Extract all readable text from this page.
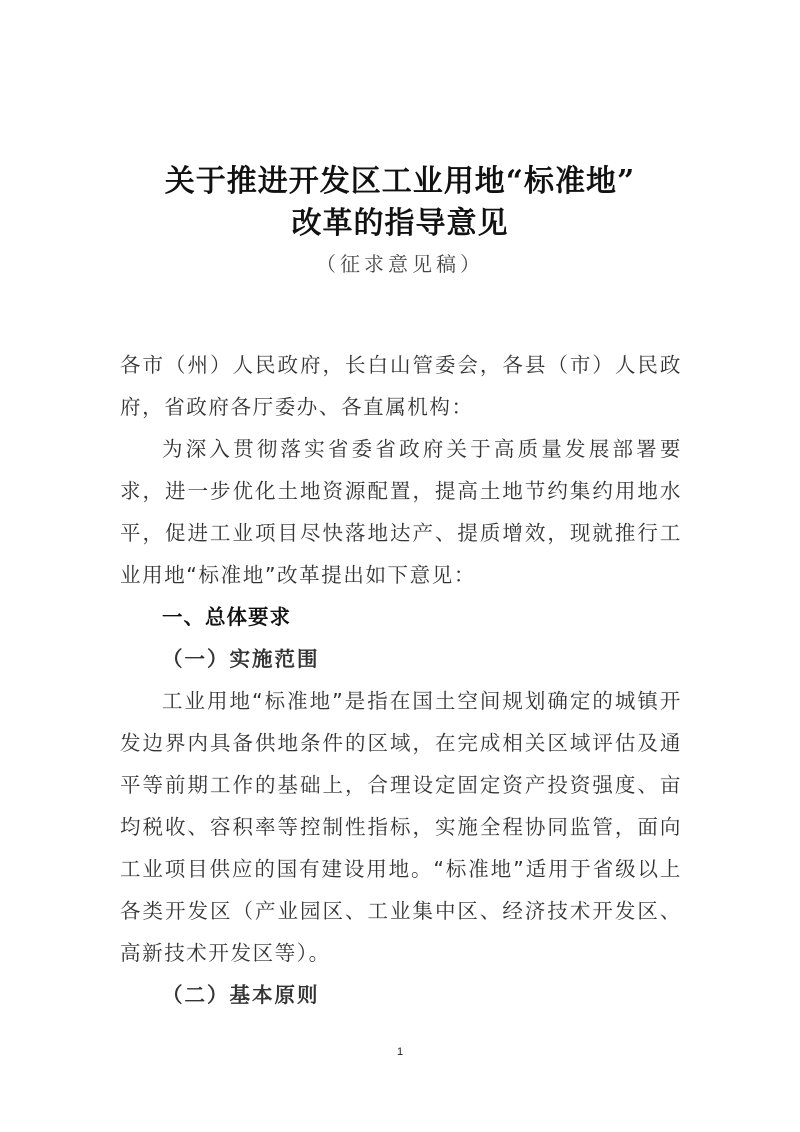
关于推进开发区工业用地“标准地”
改革的指导意见
（征求意见稿）

各市（州）人民政府，长白山管委会，各县（市）人民政府，省政府各厅委办、各直属机构：

为深入贯彻落实省委省政府关于高质量发展部署要求，进一步优化土地资源配置，提高土地节约集约用地水平，促进工业项目尽快落地达产、提质增效，现就推行工业用地“标准地”改革提出如下意见：

一、总体要求

（一）实施范围

工业用地“标准地”是指在国土空间规划确定的城镇开发边界内具备供地条件的区域，在完成相关区域评估及通平等前期工作的基础上，合理设定固定资产投资强度、亩均税收、容积率等控制性指标，实施全程协同监管，面向工业项目供应的国有建设用地。“标准地”适用于省级以上各类开发区（产业园区、工业集中区、经济技术开发区、高新技术开发区等）。

（二）基本原则

1
